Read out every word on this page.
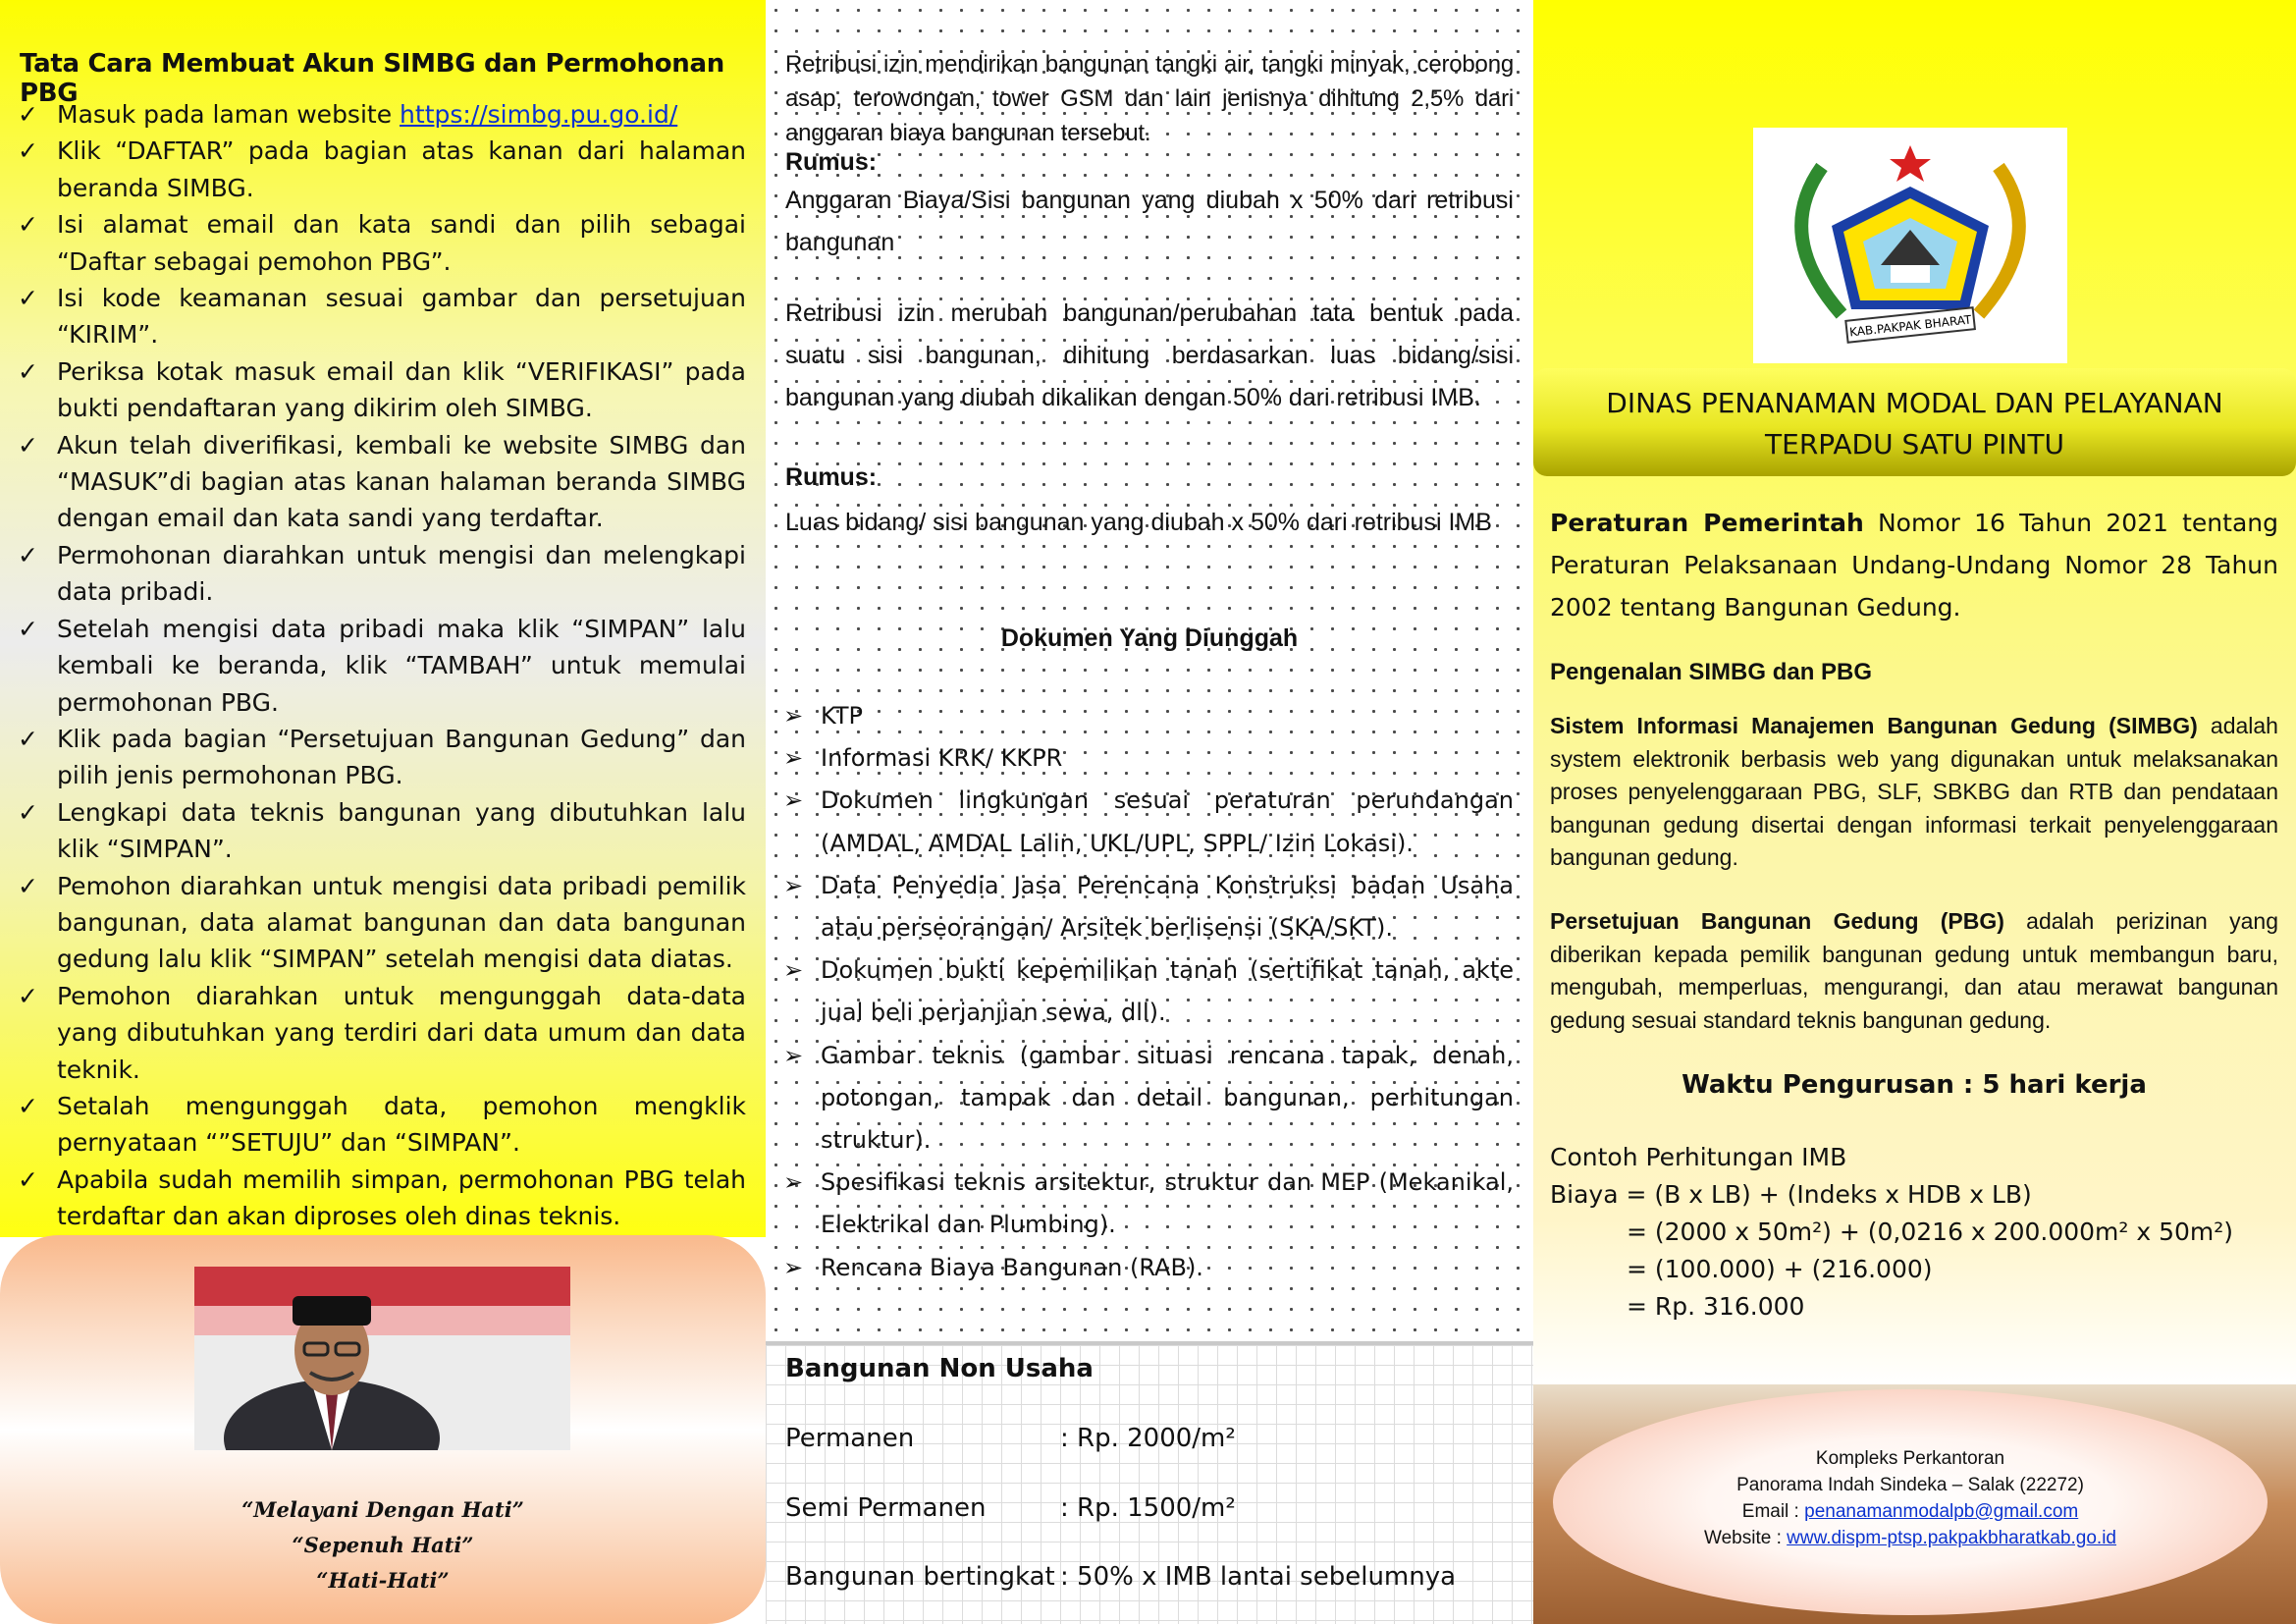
Tata Cara Membuat Akun SIMBG dan Permohonan PBG
✓ Masuk pada laman website https://simbg.pu.go.id/
✓ Klik “DAFTAR” pada bagian atas kanan dari halaman beranda SIMBG.
✓ Isi alamat email dan kata sandi dan pilih sebagai “Daftar sebagai pemohon PBG”.
✓ Isi kode keamanan sesuai gambar dan persetujuan “KIRIM”.
✓ Periksa kotak masuk email dan klik “VERIFIKASI” pada bukti pendaftaran yang dikirim oleh SIMBG.
✓ Akun telah diverifikasi, kembali ke website SIMBG dan “MASUK”di bagian atas kanan halaman beranda SIMBG dengan email dan kata sandi yang terdaftar.
✓ Permohonan diarahkan untuk mengisi dan melengkapi data pribadi.
✓ Setelah mengisi data pribadi maka klik “SIMPAN” lalu kembali ke beranda, klik “TAMBAH” untuk memulai permohonan PBG.
✓ Klik pada bagian “Persetujuan Bangunan Gedung” dan pilih jenis permohonan PBG.
✓ Lengkapi data teknis bangunan yang dibutuhkan lalu klik “SIMPAN”.
✓ Pemohon diarahkan untuk mengisi data pribadi pemilik bangunan, data alamat bangunan dan data bangunan gedung lalu klik “SIMPAN” setelah mengisi data diatas.
✓ Pemohon diarahkan untuk mengunggah data-data yang dibutuhkan yang terdiri dari data umum dan data teknik.
✓ Setalah mengunggah data, pemohon mengklik pernyataan “”SETUJU” dan “SIMPAN”.
✓ Apabila sudah memilih simpan, permohonan PBG telah terdaftar dan akan diproses oleh dinas teknis.
“Melayani Dengan Hati”
“Sepenuh Hati”
“Hati-Hati”
Retribusi izin mendirikan bangunan tangki air, tangki minyak, cerobong asap, terowongan, tower GSM dan lain jenisnya dihitung 2,5% dari anggaran biaya bangunan tersebut.
Rumus:
Anggaran Biaya/Sisi bangunan yang diubah x 50% dari retribusi bangunan
Retribusi izin merubah bangunan/perubahan tata bentuk pada suatu sisi bangunan, dihitung berdasarkan luas bidang/sisi bangunan yang diubah dikalikan dengan 50% dari retribusi IMB.
Rumus:
Luas bidang/ sisi bangunan yang diubah x 50% dari retribusi IMB
Dokumen Yang Diunggah
➢ KTP
➢ Informasi KRK/ KKPR
➢ Dokumen lingkungan sesuai peraturan perundangan (AMDAL, AMDAL Lalin, UKL/UPL, SPPL/ Izin Lokasi).
➢ Data Penyedia Jasa Perencana Konstruksi badan Usaha atau perseorangan/ Arsitek berlisensi (SKA/SKT).
➢ Dokumen bukti kepemilikan tanah (sertifikat tanah, akte jual beli perjanjian sewa, dll).
➢ Gambar teknis (gambar situasi rencana tapak, denah, potongan, tampak dan detail bangunan, perhitungan struktur).
➢ Spesifikasi teknis arsitektur, struktur dan MEP (Mekanikal, Elektrikal dan Plumbing).
➢ Rencana Biaya Bangunan (RAB).
Bangunan Non Usaha
Permanen	: Rp. 2000/m²
Semi Permanen	: Rp. 1500/m²
Bangunan bertingkat : 50% x IMB lantai sebelumnya
KAB.PAKPAK BHARAT
DINAS PENANAMAN MODAL DAN PELAYANAN
TERPADU SATU PINTU
Peraturan Pemerintah Nomor 16 Tahun 2021 tentang Peraturan Pelaksanaan Undang-Undang Nomor 28 Tahun 2002 tentang Bangunan Gedung.
Pengenalan SIMBG dan PBG
Sistem Informasi Manajemen Bangunan Gedung (SIMBG) adalah system elektronik berbasis web yang digunakan untuk melaksanakan proses penyelenggaraan PBG, SLF, SBKBG dan RTB dan pendataan bangunan gedung disertai dengan informasi terkait penyelenggaraan bangunan gedung.
Persetujuan Bangunan Gedung (PBG) adalah perizinan yang diberikan kepada pemilik bangunan gedung untuk membangun baru, mengubah, memperluas, mengurangi, dan atau merawat bangunan gedung sesuai standard teknis bangunan gedung.
Waktu Pengurusan : 5 hari kerja
Contoh Perhitungan IMB
Biaya = (B x LB) + (Indeks x HDB x LB)
= (2000 x 50m²) + (0,0216 x 200.000m² x 50m²)
= (100.000) + (216.000)
= Rp. 316.000
Kompleks Perkantoran
Panorama Indah Sindeka – Salak (22272)
Email : penanamanmodalpb@gmail.com
Website : www.dispm-ptsp.pakpakbharatkab.go.id
